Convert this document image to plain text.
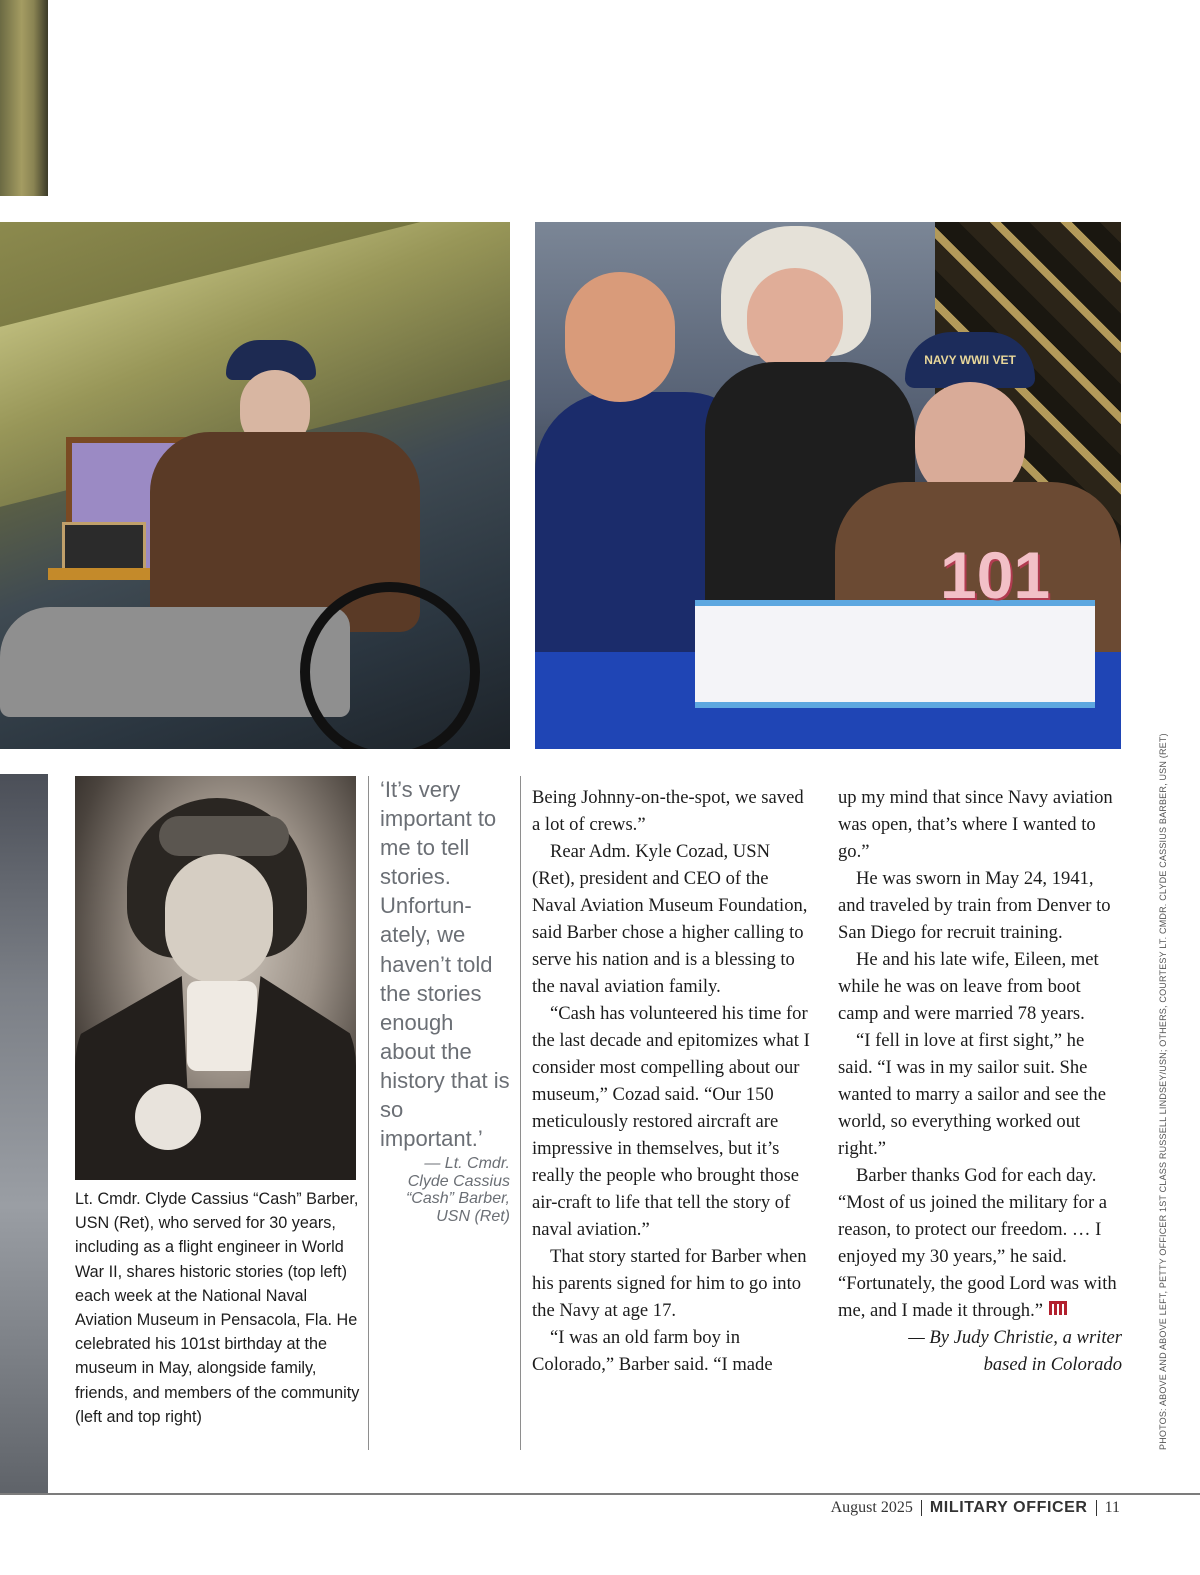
NAVY WWII VET
101
Lt. Cmdr. Clyde Cassius “Cash” Barber, USN (Ret), who served for 30 years, including as a flight engineer in World War II, shares historic stories (top left) each week at the National Naval Aviation Museum in Pensacola, Fla. He celebrated his 101st birthday at the museum in May, alongside family, friends, and members of the community (left and top right)
‘It’s very important to me to tell stories. Unfortun-ately, we haven’t told the stories enough about the history that is so important.’
— Lt. Cmdr. Clyde Cassius “Cash” Barber, USN (Ret)

Being Johnny-on-the-spot, we saved a lot of crews.”

Rear Adm. Kyle Cozad, USN (Ret), president and CEO of the Naval Aviation Museum Foundation, said Barber chose a higher calling to serve his nation and is a blessing to the naval aviation family.

“Cash has volunteered his time for the last decade and epitomizes what I consider most compelling about our museum,” Cozad said. “Our 150 meticulously restored aircraft are impressive in themselves, but it’s really the people who brought those air-craft to life that tell the story of naval aviation.”

That story started for Barber when his parents signed for him to go into the Navy at age 17.

“I was an old farm boy in Colorado,” Barber said. “I made

up my mind that since Navy aviation was open, that’s where I wanted to go.”

He was sworn in May 24, 1941, and traveled by train from Denver to San Diego for recruit training.

He and his late wife, Eileen, met while he was on leave from boot camp and were married 78 years.

“I fell in love at first sight,” he said. “I was in my sailor suit. She wanted to marry a sailor and see the world, so everything worked out right.”

Barber thanks God for each day. “Most of us joined the military for a reason, to protect our freedom. … I enjoyed my 30 years,” he said. “Fortunately, the good Lord was with me, and I made it through.”

— By Judy Christie, a writer
based in Colorado	PHOTOS: ABOVE AND ABOVE LEFT, PETTY OFFICER 1ST CLASS RUSSELL LINDSEY/USN; OTHERS, COURTESY LT. CMDR. CLYDE CASSIUS BARBER, USN (RET)
August 2025 MILITARY OFFICER 11
